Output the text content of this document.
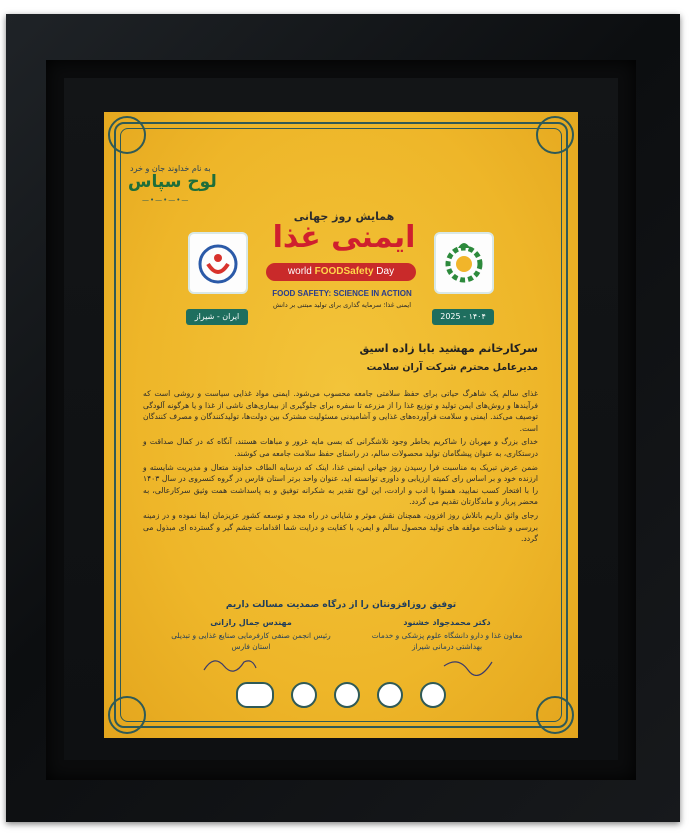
به نام خداوند جان و خرد
لوح سپاس
—•—•—•—
۱۴۰۴ - 2025
ایران - شیراز
همایش روز جهانی
ایمنی غذا
world FOODSafety Day
FOOD SAFETY: SCIENCE IN ACTION
ایمنی غذا؛ سرمایه گذاری برای تولید مبتنی بر دانش
سرکارخانم مهشید بابا زاده اسیق
مدیرعامل محترم شرکت آران سلامت

غذای سالم یک شاهرگ حیاتی برای حفظ سلامتی جامعه محسوب می‌شود. ایمنی مواد غذایی سیاست و روشی است که فرآیندها و روش‌های ایمن تولید و توزیع غذا را از مزرعه تا سفره برای جلوگیری از بیماری‌های ناشی از غذا و یا هرگونه آلودگی توصیف می‌کند. ایمنی و سلامت فرآورده‌های غذایی و آشامیدنی مسئولیت مشترک بین دولت‌ها، تولیدکنندگان و مصرف کنندگان است.

خدای بزرگ و مهربان را شاکریم بخاطر وجود تلاشگرانی که بسی مایه غرور و مباهات هستند، آنگاه که در کمال صداقت و درستکاری، به عنوان پیشگامان تولید محصولات سالم، در راستای حفظ سلامت جامعه می کوشند.

ضمن عرض تبریک به مناسبت فرا رسیدن روز جهانی ایمنی غذا، اینک که درسایه الطاف خداوند متعال و مدیریت شایسته و ارزنده خود و بر اساس رای کمیته ارزیابی و داوری توانسته اید، عنوان واحد برتر استان فارس در گروه کنسروی در سال ۱۴۰۳ را با افتخار کسب نمایید، همنوا با ادب و ارادت، این لوح تقدیر به شکرانه توفیق و به پاسداشت همت وثیق سرکارعالی، به محضر پربار و ماندگارتان تقدیم می گردد.

رجای واثق داریم باتلاش روز افزون، همچنان نقش موثر و شایانی در راه مجد و توسعه کشور عزیزمان ایفا نموده و در زمینه بررسی و شناخت مولفه های تولید محصول سالم و ایمن، با کفایت و درایت شما اقدامات چشم گیر و گسترده ای مبذول می گردد.

توفیق روزافزونتان را از درگاه صمدیت مسالت داریم
دکتر محمدجواد خشنود
معاون غذا و دارو دانشگاه علوم پزشکی و خدمات بهداشتی درمانی شیراز
مهندس جمال رازانی
رئیس انجمن صنفی کارفرمایی صنایع غذایی و تبدیلی استان فارس
